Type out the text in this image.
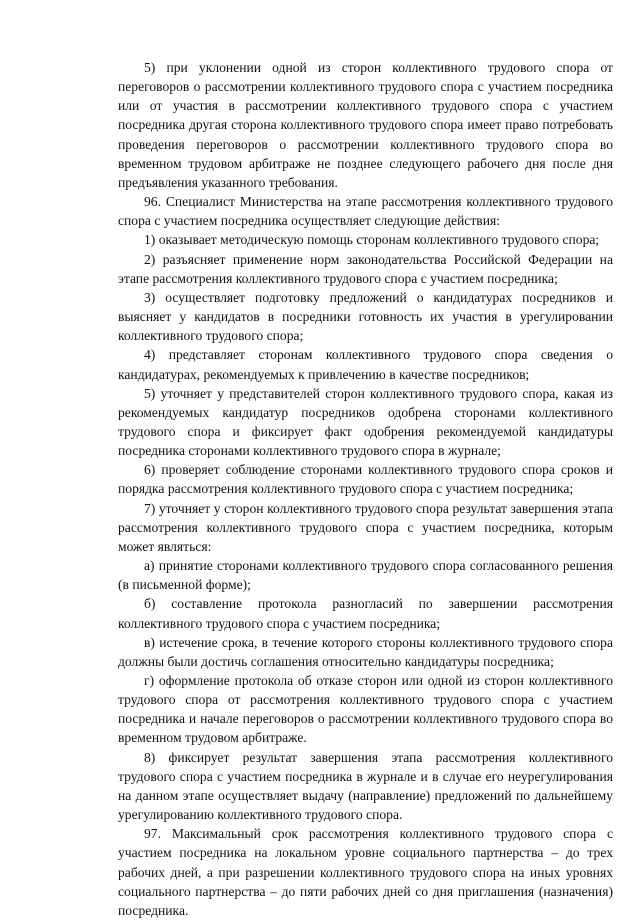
5) при уклонении одной из сторон коллективного трудового спора от переговоров о рассмотрении коллективного трудового спора с участием посредника или от участия в рассмотрении коллективного трудового спора с участием посредника другая сторона коллективного трудового спора имеет право потребовать проведения переговоров о рассмотрении коллективного трудового спора во временном трудовом арбитраже не позднее следующего рабочего дня после дня предъявления указанного требования.

96. Специалист Министерства на этапе рассмотрения коллективного трудового спора с участием посредника осуществляет следующие действия:

1) оказывает методическую помощь сторонам коллективного трудового спора;

2) разъясняет применение норм законодательства Российской Федерации на этапе рассмотрения коллективного трудового спора с участием посредника;

3) осуществляет подготовку предложений о кандидатурах посредников и выясняет у кандидатов в посредники готовность их участия в урегулировании коллективного трудового спора;

4) представляет сторонам коллективного трудового спора сведения о кандидатурах, рекомендуемых к привлечению в качестве посредников;

5) уточняет у представителей сторон коллективного трудового спора, какая из рекомендуемых кандидатур посредников одобрена сторонами коллективного трудового спора и фиксирует факт одобрения рекомендуемой кандидатуры посредника сторонами коллективного трудового спора в журнале;

6) проверяет соблюдение сторонами коллективного трудового спора сроков и порядка рассмотрения коллективного трудового спора с участием посредника;

7) уточняет у сторон коллективного трудового спора результат завершения этапа рассмотрения коллективного трудового спора с участием посредника, которым может являться:

а) принятие сторонами коллективного трудового спора согласованного решения (в письменной форме);

б) составление протокола разногласий по завершении рассмотрения коллективного трудового спора с участием посредника;

в) истечение срока, в течение которого стороны коллективного трудового спора должны были достичь соглашения относительно кандидатуры посредника;

г) оформление протокола об отказе сторон или одной из сторон коллективного трудового спора от рассмотрения коллективного трудового спора с участием посредника и начале переговоров о рассмотрении коллективного трудового спора во временном трудовом арбитраже.

8) фиксирует результат завершения этапа рассмотрения коллективного трудового спора с участием посредника в журнале и в случае его неурегулирования на данном этапе осуществляет выдачу (направление) предложений по дальнейшему урегулированию коллективного трудового спора.

97. Максимальный срок рассмотрения коллективного трудового спора с участием посредника на локальном уровне социального партнерства – до трех рабочих дней, а при разрешении коллективного трудового спора на иных уровнях социального партнерства – до пяти рабочих дней со дня приглашения (назначения) посредника.
